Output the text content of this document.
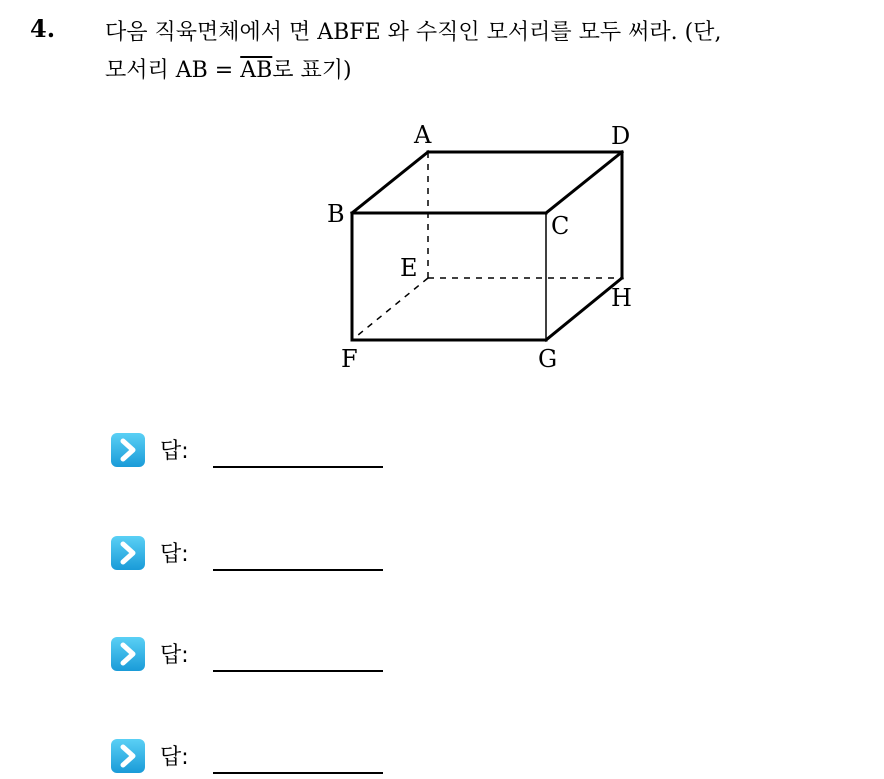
4. 다음 직육면체에서 면 ABFE 와 수직인 모서리를 모두 써라. (단,
모서리 AB = $\overline{AB}$로 표기)
A	D
B	C
E
H
F	G
답:
답:
답:
답:
